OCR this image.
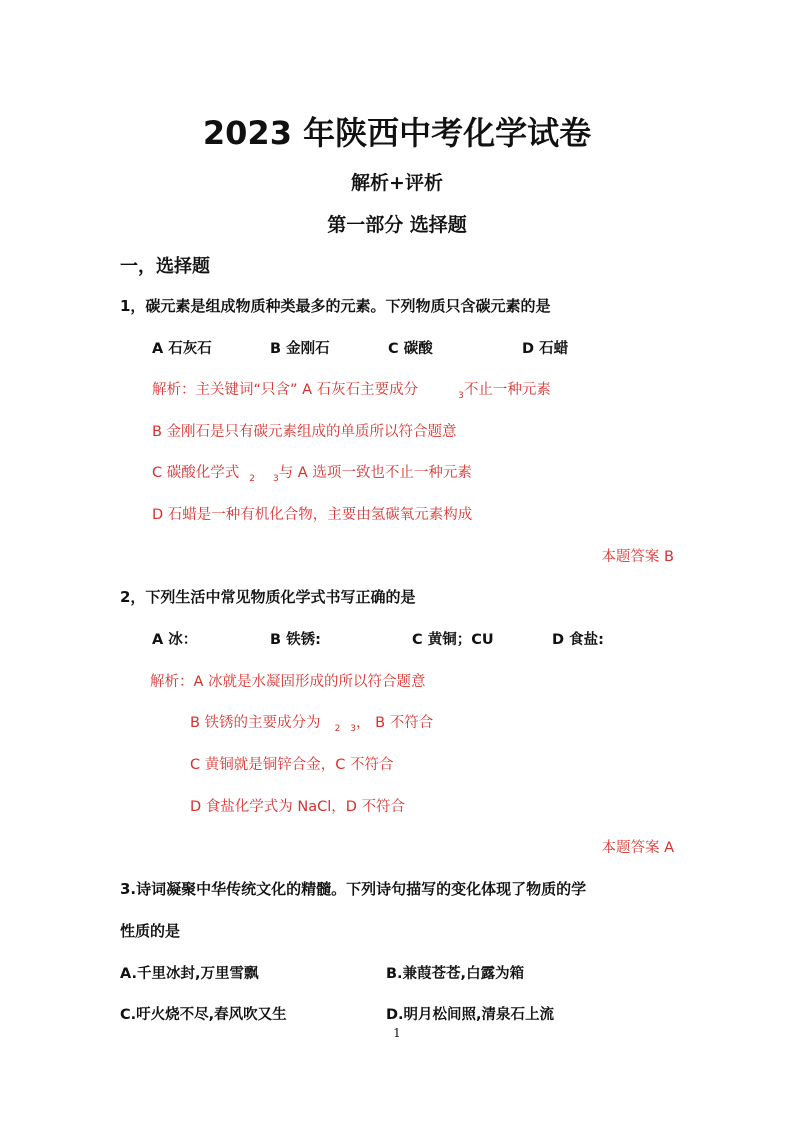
2023 年陕西中考化学试卷
解析+评析
第一部分 选择题
一，选择题
1，碳元素是组成物质种类最多的元素。下列物质只含碳元素的是
A 石灰石	B 金刚石	C 碳酸	D 石蜡
解析：主关键词“只含” A 石灰石主要成分	$_3$不止一种元素
B 金刚石是只有碳元素组成的单质所以符合题意
C 碳酸化学式 $_2$ $_3$与 A 选项一致也不止一种元素
D 石蜡是一种有机化合物，主要由氢碳氧元素构成
本题答案 B
2，下列生活中常见物质化学式书写正确的是
A 冰：	B 铁锈:	C 黄铜；CU	D 食盐:
解析：A 冰就是水凝固形成的所以符合题意
B 铁锈的主要成分为 $_2$ $_3$， B 不符合
C 黄铜就是铜锌合金，C 不符合
D 食盐化学式为 NaCl，D 不符合
本题答案 A
3.诗词凝聚中华传统文化的精髓。下列诗句描写的变化体现了物质的学
性质的是
A.千里冰封,万里雪飘	B.兼葭苍苍,白露为箱
C.吁火烧不尽,春风吹又生	D.明月松间照,清泉石上流
1
